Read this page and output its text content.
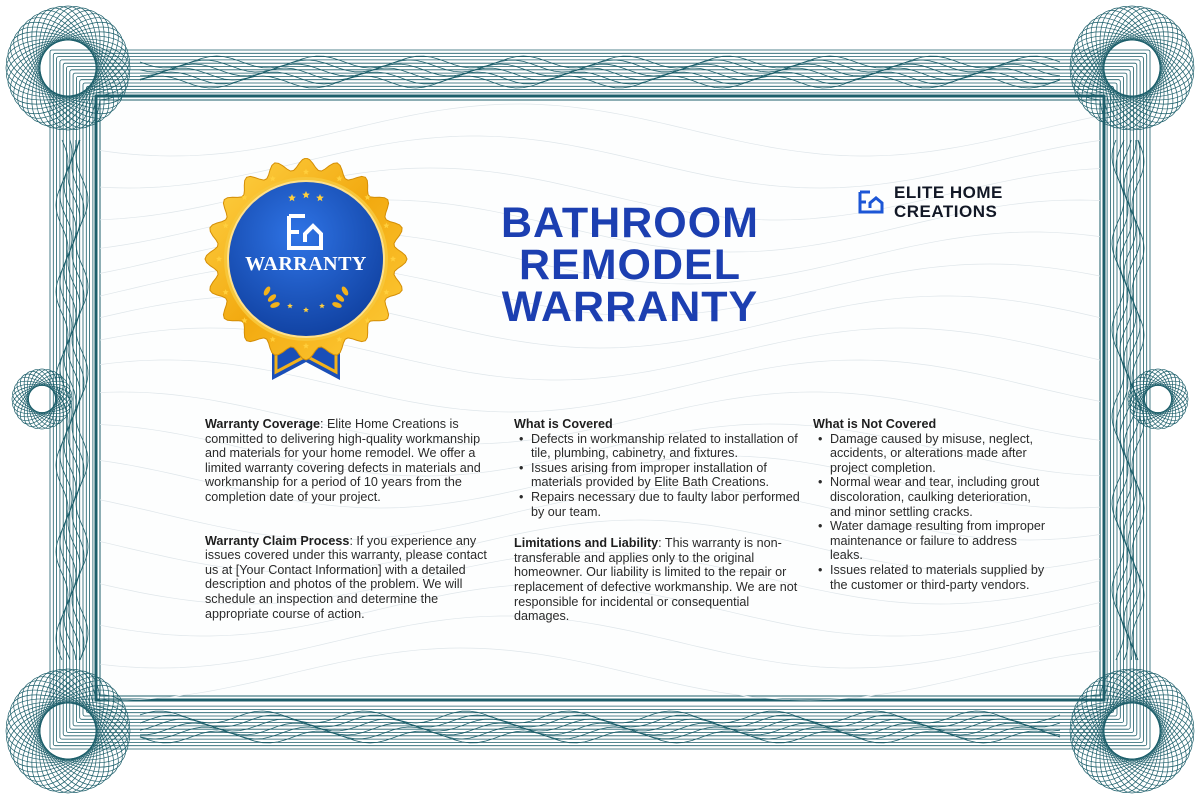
WARRANTY
ELITE HOME
CREATIONS
BATHROOM
REMODEL
WARRANTY

Warranty Coverage: Elite Home Creations is committed to delivering high-quality workmanship and materials for your home remodel. We offer a limited warranty covering defects in materials and workmanship for a period of 10 years from the completion date of your project.

Warranty Claim Process: If you experience any issues covered under this warranty, please contact us at [Your Contact Information] with a detailed description and photos of the problem. We will schedule an inspection and determine the appropriate course of action.

What is Covered
• Defects in workmanship related to installation of tile, plumbing, cabinetry, and fixtures.
• Issues arising from improper installation of materials provided by Elite Bath Creations.
• Repairs necessary due to faulty labor performed by our team.

Limitations and Liability: This warranty is non-transferable and applies only to the original homeowner. Our liability is limited to the repair or replacement of defective workmanship. We are not responsible for incidental or consequential damages.

What is Not Covered
• Damage caused by misuse, neglect, accidents, or alterations made after project completion.
• Normal wear and tear, including grout discoloration, caulking deterioration, and minor settling cracks.
• Water damage resulting from improper maintenance or failure to address leaks.
• Issues related to materials supplied by the customer or third-party vendors.
